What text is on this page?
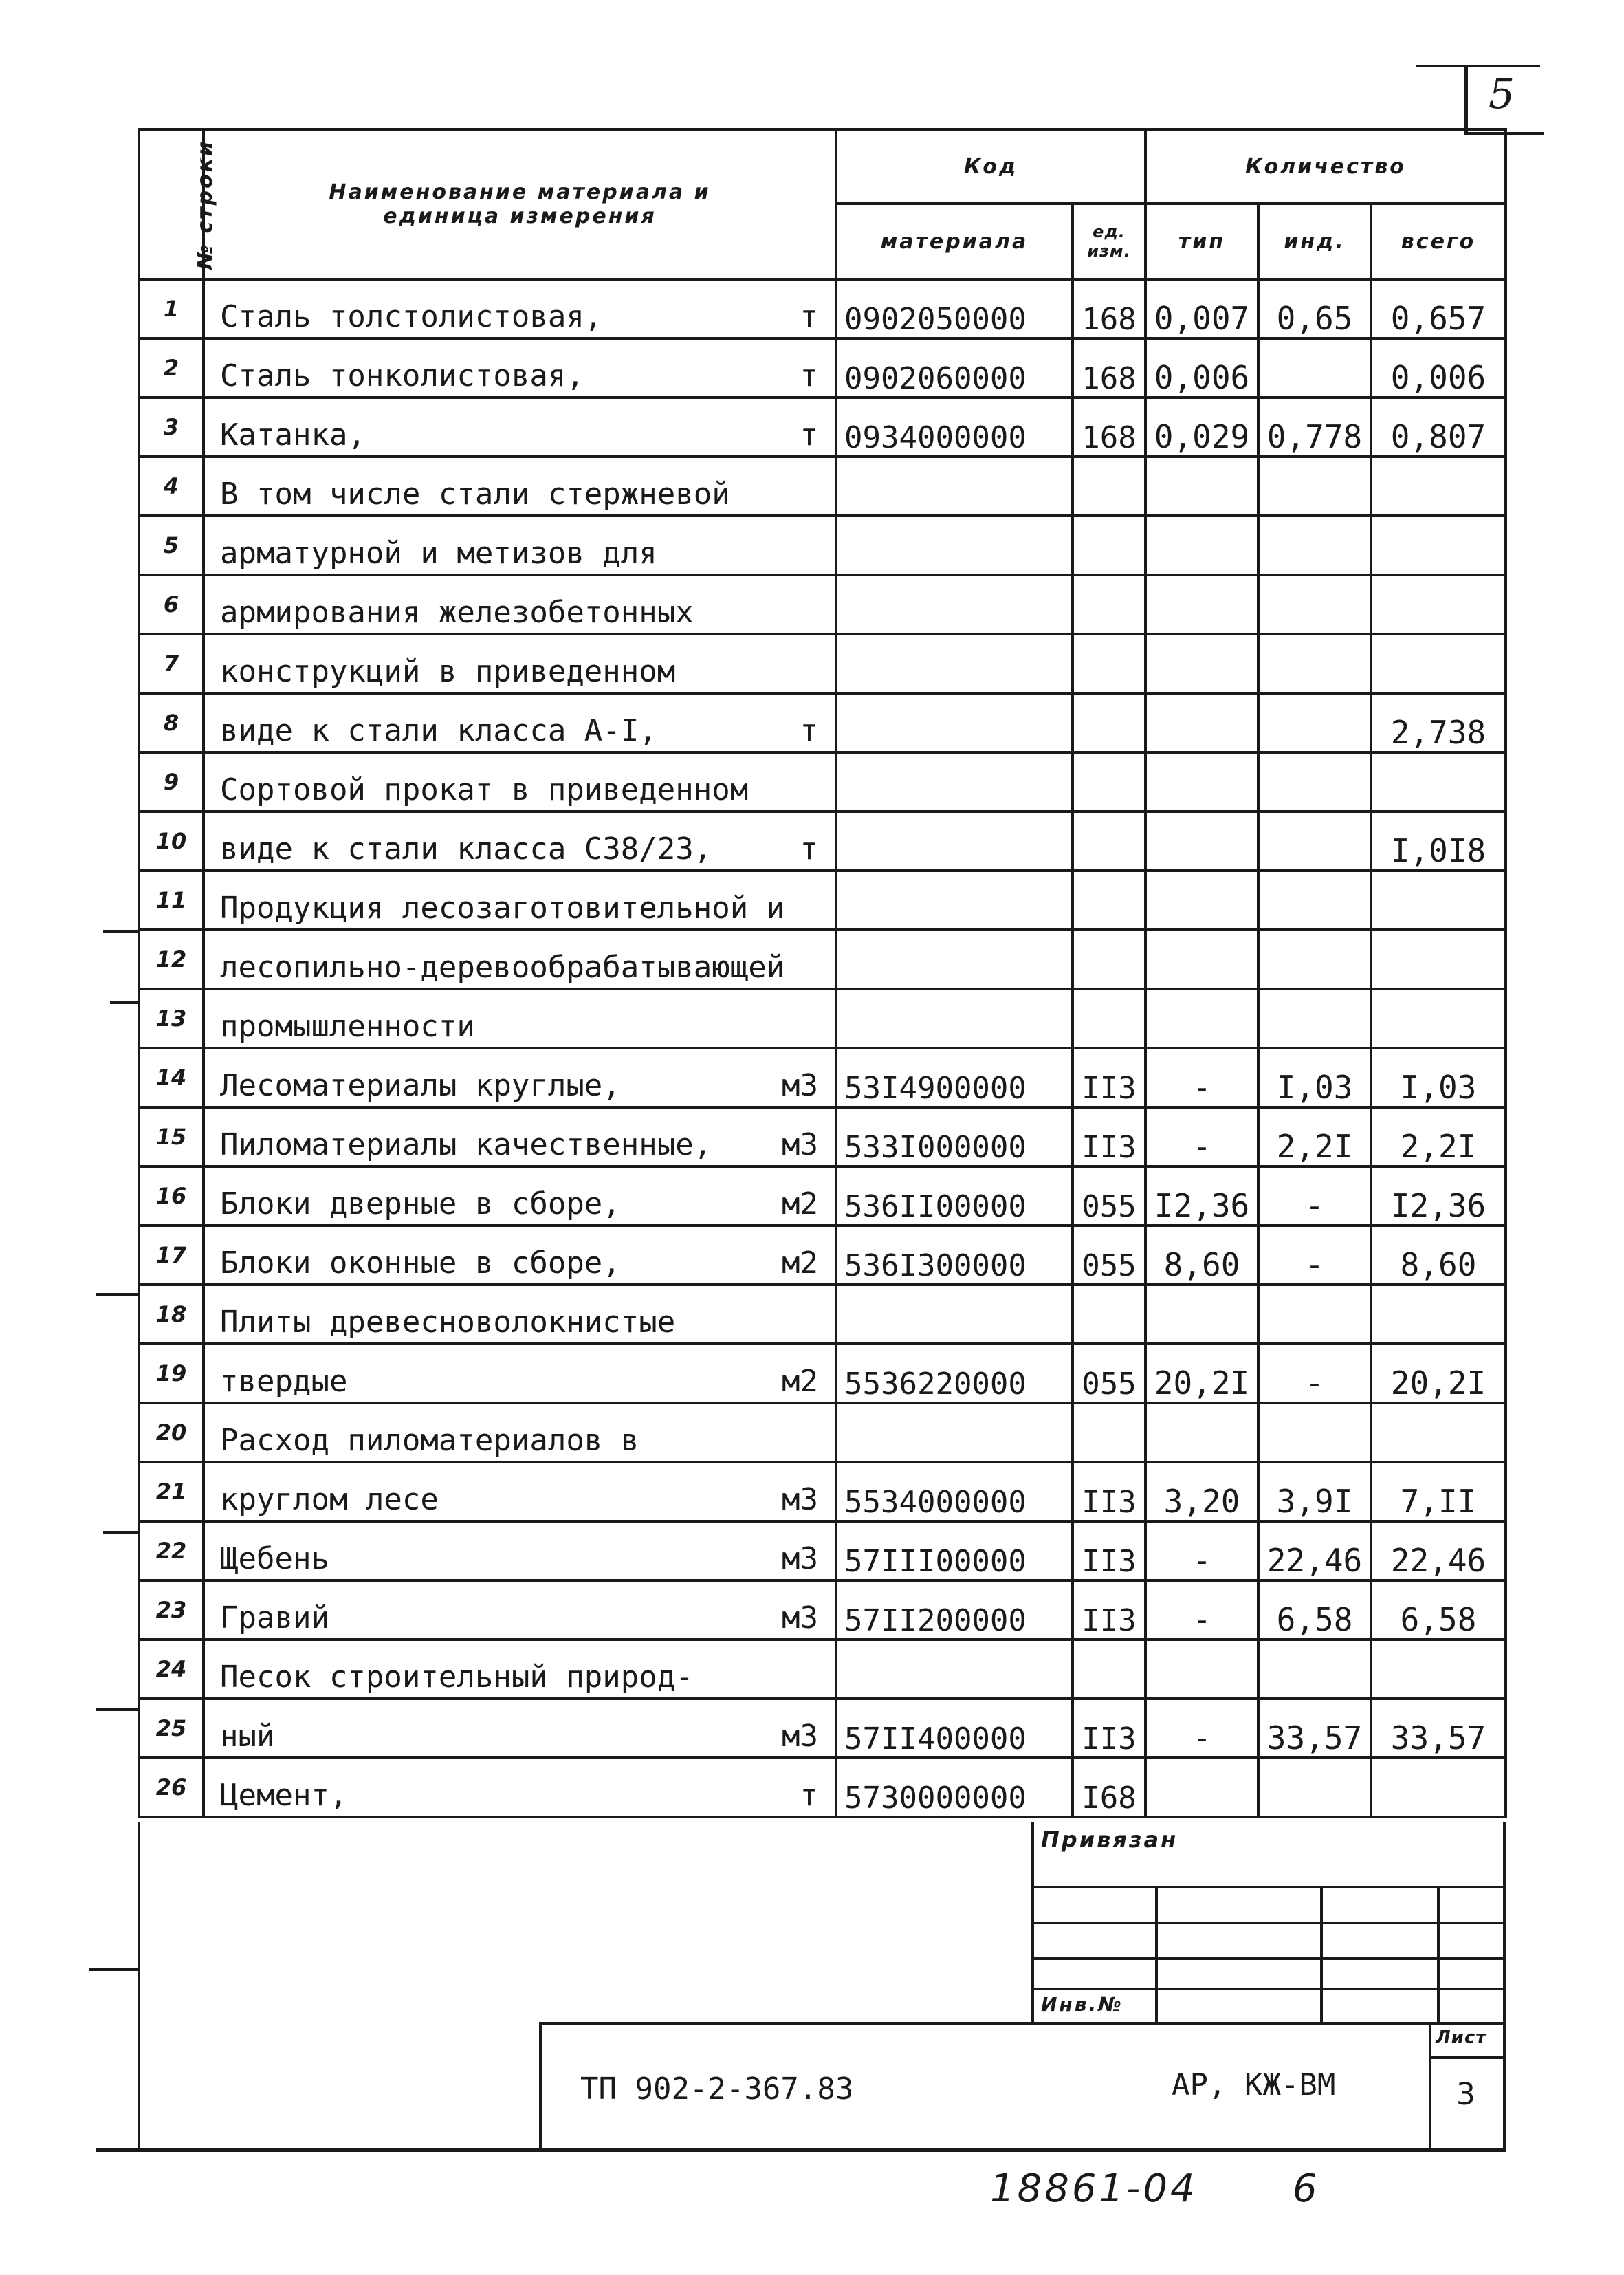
5
№ строки	Наименование материала и единица измерения	Код		Количество		
		материала	ед. изм.	тип	инд.	всего
1	Сталь толстолистовая, т	0902050000	168	0,007	0,65	0,657
2	Сталь тонколистовая, т	0902060000	168	0,006		0,006
3	Катанка, т	0934000000	168	0,029	0,778	0,807
4	В том числе стали стержневой					

5	арматурной и метизов для					

6	армирования железобетонных					

7	конструкций в приведенном					

8	виде к стали класса A-I, т					2,738
9	Сортовой прокат в приведенном					

10	виде к стали класса С38/23, т					I,0I8
11	Продукция лесозаготовительной и					

12	лесопильно-деревообрабатывающей					

13	промышленности					

14	Лесоматериалы круглые, м3	53I4900000	II3	-	I,03	I,03
15	Пиломатериалы качественные, м3	533I000000	II3	-	2,2I	2,2I
16	Блоки дверные в сборе, м2	536II00000	055	I2,36	-	I2,36
17	Блоки оконные в сборе, м2	536I300000	055	8,60	-	8,60
18	Плиты древесноволокнистые					

19	твердые м2	5536220000	055	20,2I	-	20,2I
20	Расход пиломатериалов в					

21	круглом лесе м3	5534000000	II3	3,20	3,9I	7,II
22	Щебень м3	57III00000	II3	-	22,46	22,46
23	Гравий м3	57II200000	II3	-	6,58	6,58
24	Песок строительный природ-					

25	ный м3	57II400000	II3	-	33,57	33,57
26	Цемент, т	5730000000	I68			
Привязан
Инв.№
ТП 902-2-367.83	АР, КЖ-ВМ
Лист
3
18861-04 6
